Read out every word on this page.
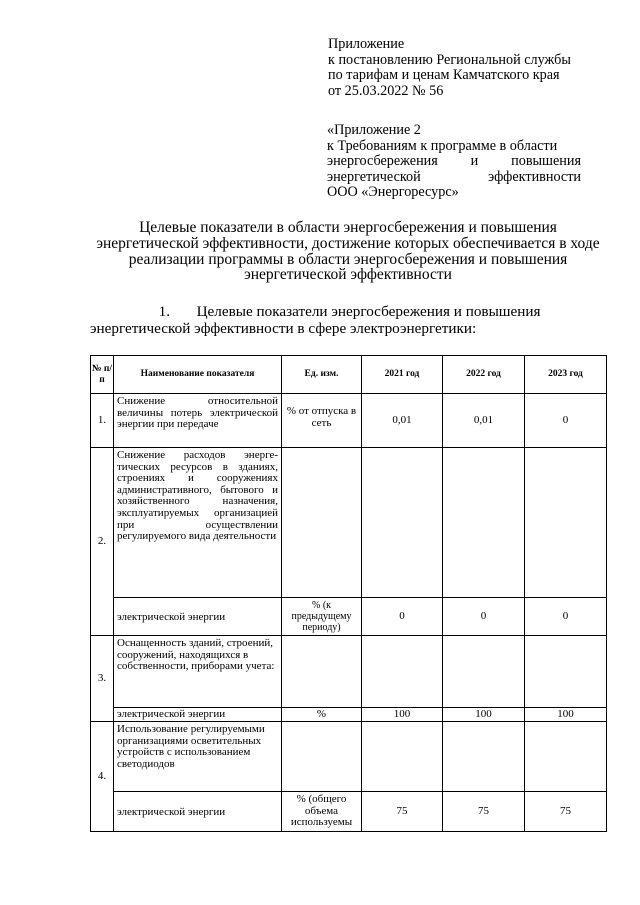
Приложение
к постановлению Региональной службы
по тарифам и ценам Камчатского края
от 25.03.2022 № 56
«Приложение 2
к Требованиям к программе в области
энергосбережения и повышения
энергетической эффективности
ООО «Энергоресурс»
Целевые показатели в области энергосбережения и повышения энергетической эффективности, достижение которых обеспечивается в ходе реализации программы в области энергосбережения и повышения энергетической эффективности
1. Целевые показатели энергосбережения и повышения энергетической эффективности в сфере электроэнергетики:
№ п/п	Наименование показателя	Ед. изм.	2021 год	2022 год	2023 год
1.	Снижение относительной величины потерь электрической энергии при передаче	% от отпуска в сеть	0,01	0,01	0
2.	Снижение расходов энерге-тических ресурсов в зданиях, строениях и сооружениях административного, бытового и хозяйственного назначения, эксплуатируемых организацией при осуществлении регулируемого вида деятельности				
	электрической энергии	% (к предыдущему периоду)	0	0	0
3.	Оснащенность зданий, строений, сооружений, находящихся в собственности, приборами учета:				
	электрической энергии	%	100	100	100
4.	Использование регулируемыми организациями осветительных устройств с использованием светодиодов				
	электрической энергии	% (общего объема используемы	75	75	75
